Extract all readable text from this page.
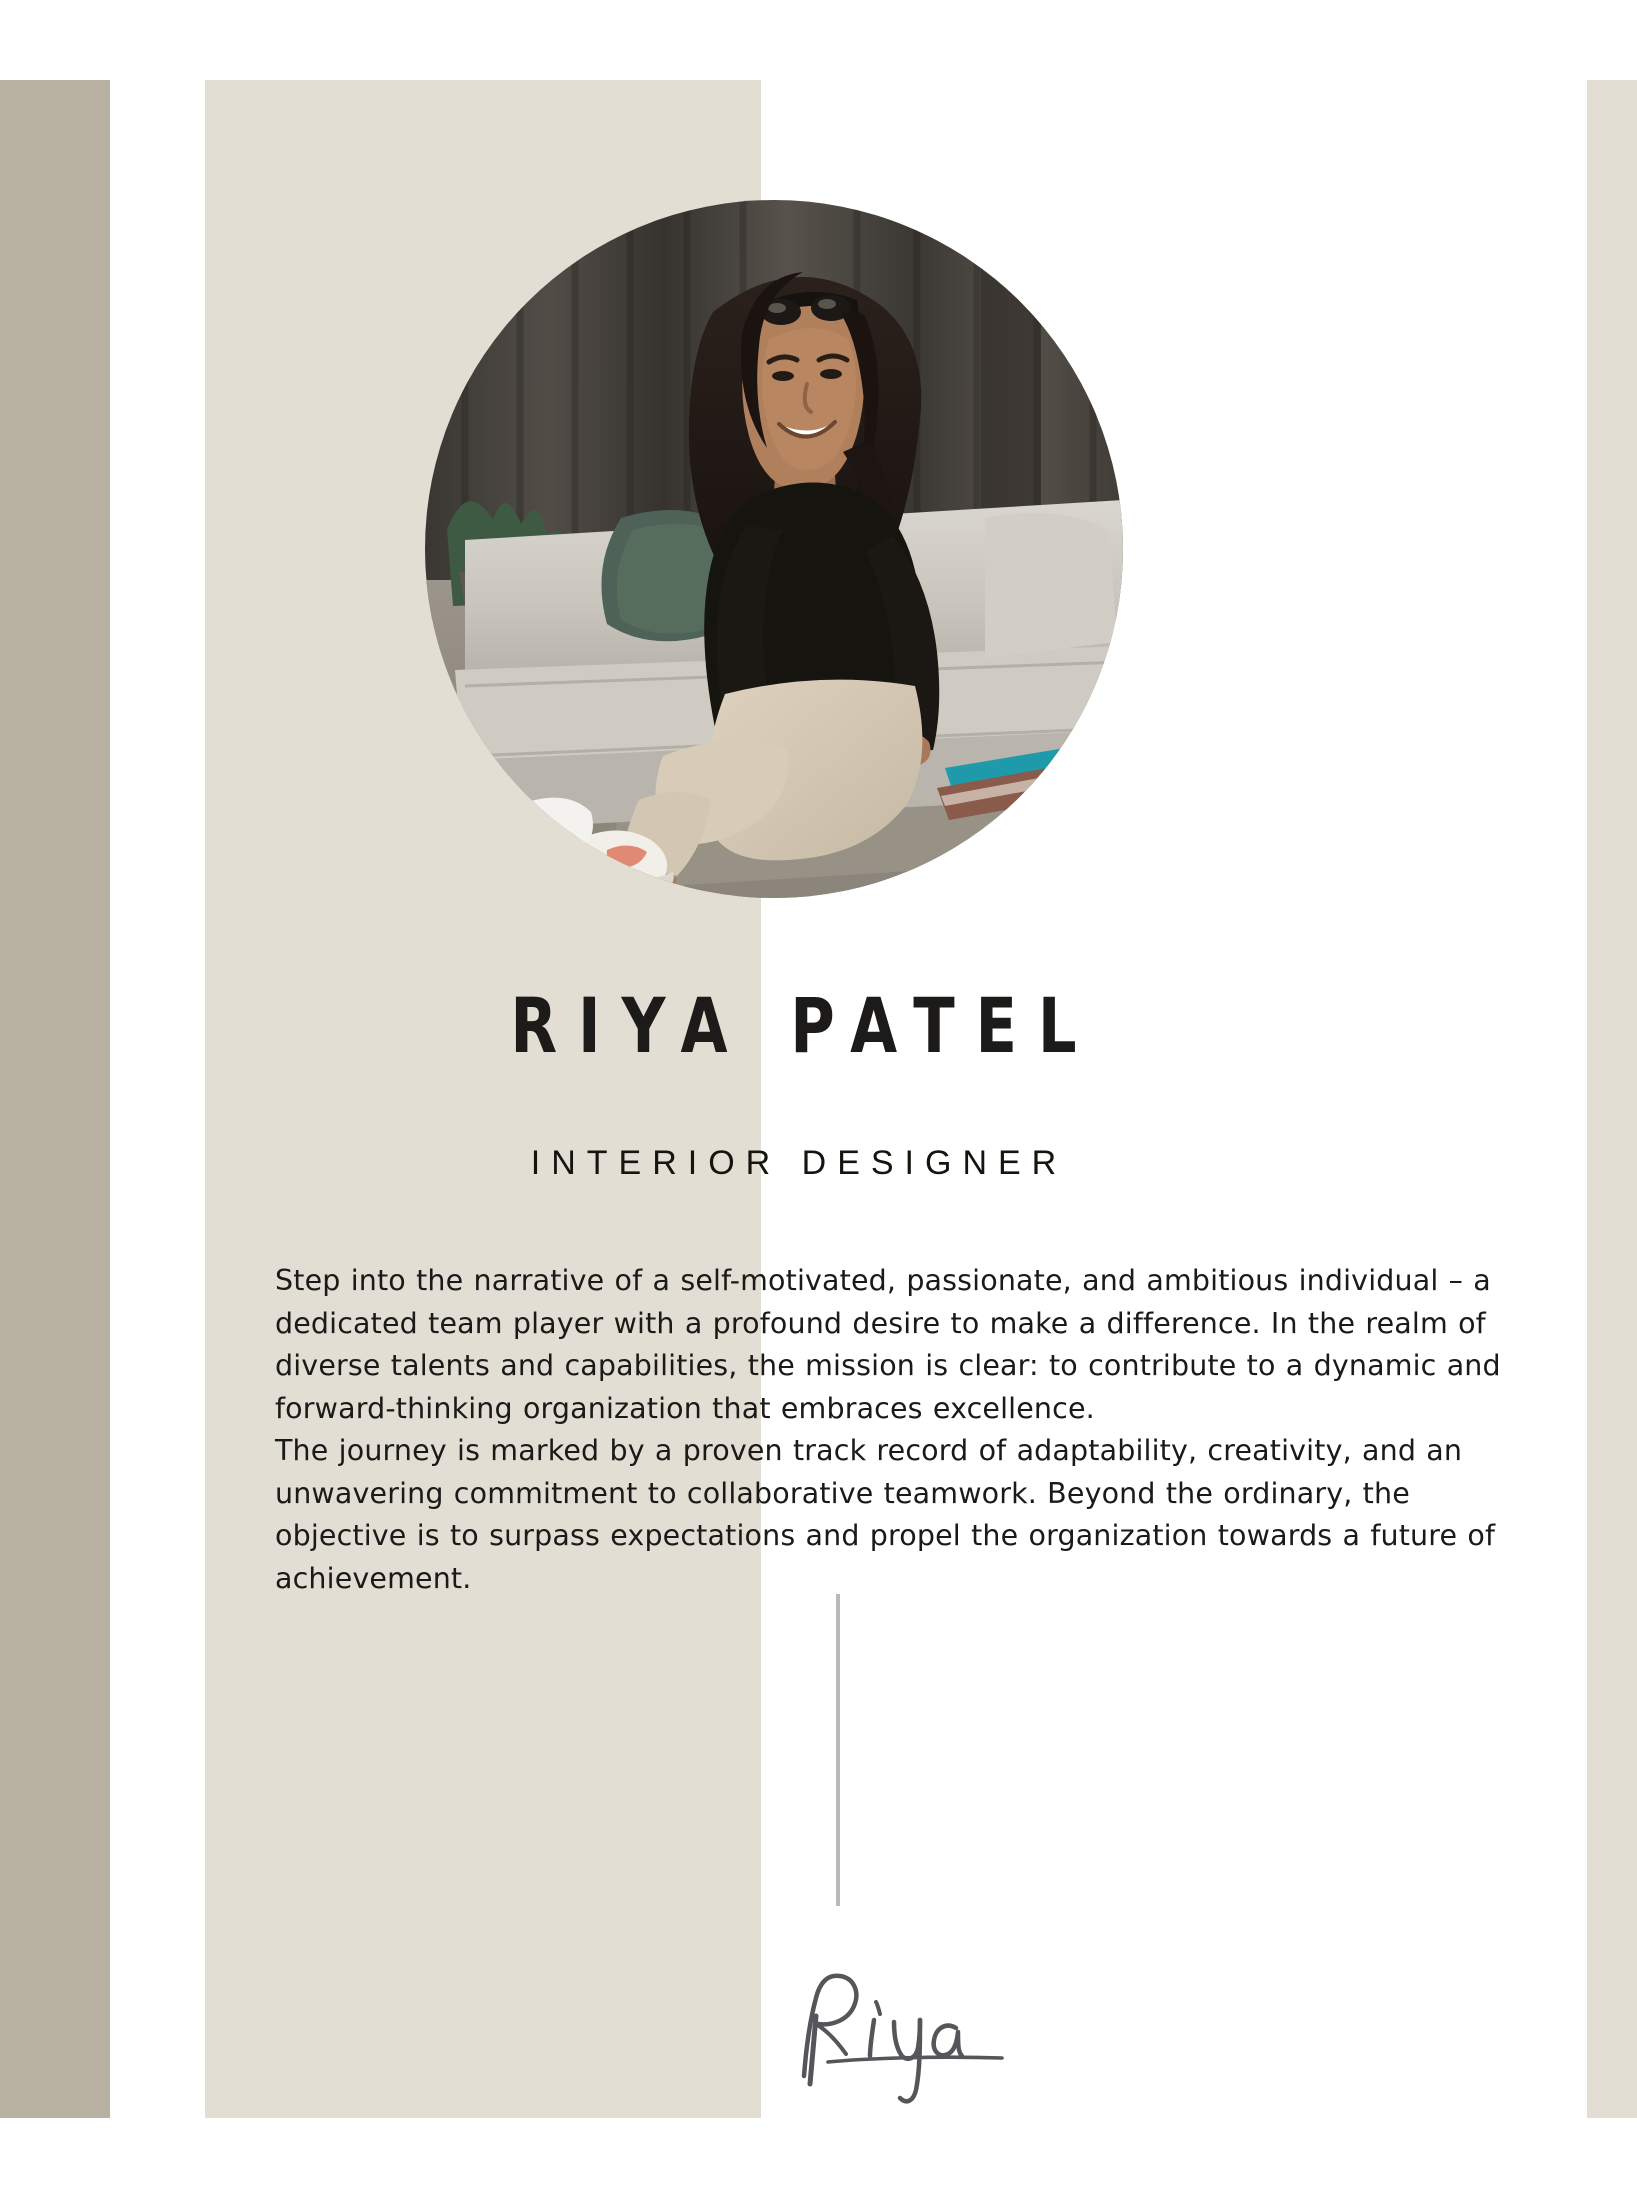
RIYA PATEL
INTERIOR DESIGNER

Step into the narrative of a self-motivated, passionate, and ambitious individual – a dedicated team player with a profound desire to make a difference. In the realm of diverse talents and capabilities, the mission is clear: to contribute to a dynamic and forward-thinking organization that embraces excellence.

The journey is marked by a proven track record of adaptability, creativity, and an unwavering commitment to collaborative teamwork. Beyond the ordinary, the objective is to surpass expectations and propel the organization towards a future of achievement.
